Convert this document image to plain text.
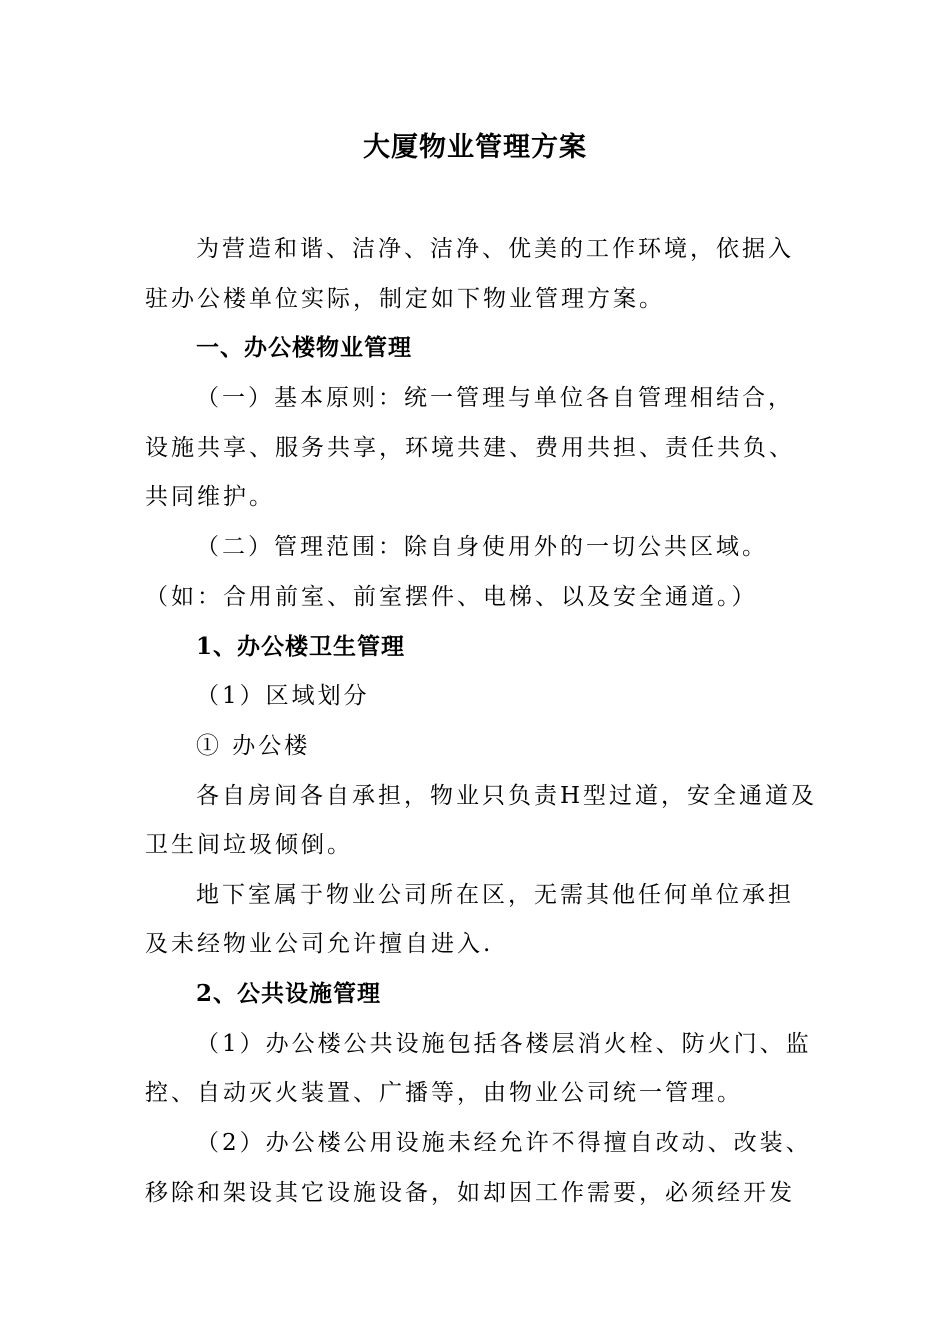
大厦物业管理方案
为营造和谐、洁净、洁净、优美的工作环境，依据入
驻办公楼单位实际，制定如下物业管理方案。
一、办公楼物业管理
（一）基本原则：统一管理与单位各自管理相结合，
设施共享、服务共享，环境共建、费用共担、责任共负、
共同维护。
（二）管理范围：除自身使用外的一切公共区域。
（如：合用前室、前室摆件、电梯、以及安全通道。）
1、办公楼卫生管理
（1）区域划分
① 办公楼
各自房间各自承担，物业只负责H型过道，安全通道及
卫生间垃圾倾倒。
地下室属于物业公司所在区，无需其他任何单位承担
及未经物业公司允许擅自进入.
2、公共设施管理
（1）办公楼公共设施包括各楼层消火栓、防火门、监
控、自动灭火装置、广播等，由物业公司统一管理。
（2）办公楼公用设施未经允许不得擅自改动、改装、
移除和架设其它设施设备，如却因工作需要，必须经开发
